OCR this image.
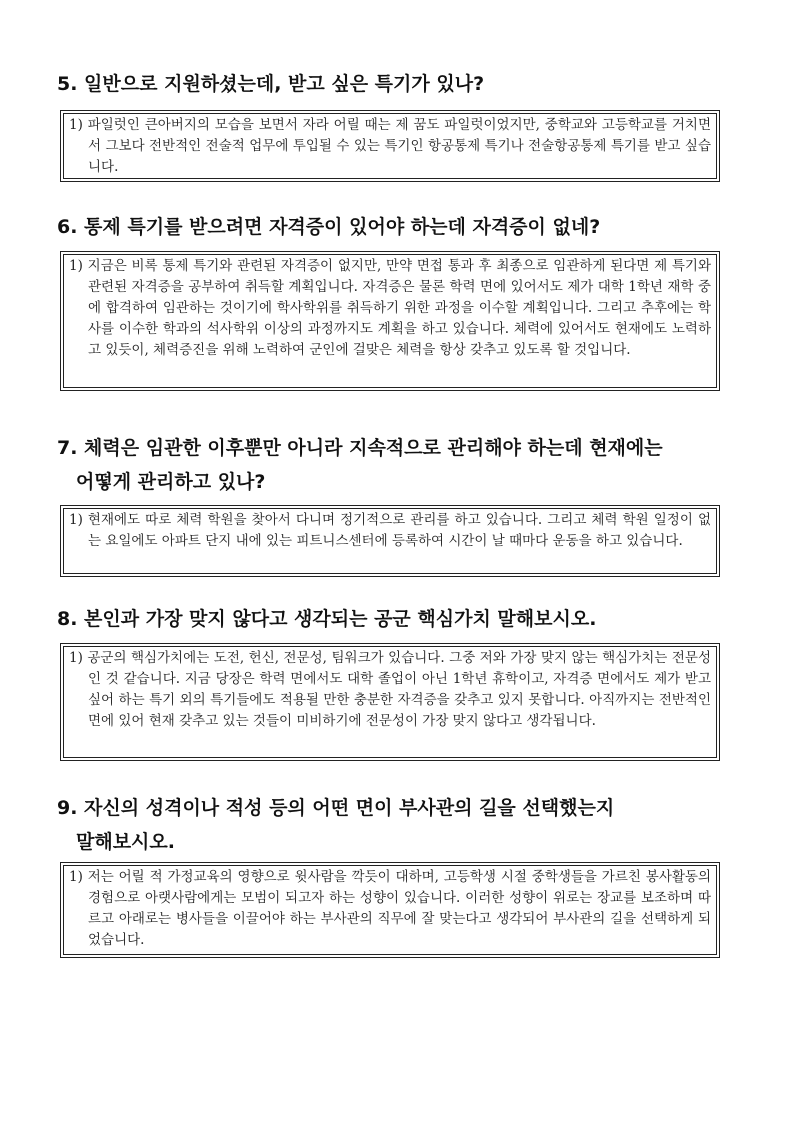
5. 일반으로 지원하셨는데, 받고 싶은 특기가 있나?
1) 파일럿인 큰아버지의 모습을 보면서 자라 어릴 때는 제 꿈도 파일럿이었지만, 중학교와 고등학교를 거치면서 그보다 전반적인 전술적 업무에 투입될 수 있는 특기인 항공통제 특기나 전술항공통제 특기를 받고 싶습니다.
6. 통제 특기를 받으려면 자격증이 있어야 하는데 자격증이 없네?
1) 지금은 비록 통제 특기와 관련된 자격증이 없지만, 만약 면접 통과 후 최종으로 임관하게 된다면 제 특기와 관련된 자격증을 공부하여 취득할 계획입니다. 자격증은 물론 학력 면에 있어서도 제가 대학 1학년 재학 중에 합격하여 임관하는 것이기에 학사학위를 취득하기 위한 과정을 이수할 계획입니다. 그리고 추후에는 학사를 이수한 학과의 석사학위 이상의 과정까지도 계획을 하고 있습니다. 체력에 있어서도 현재에도 노력하고 있듯이, 체력증진을 위해 노력하여 군인에 걸맞은 체력을 항상 갖추고 있도록 할 것입니다.
7. 체력은 임관한 이후뿐만 아니라 지속적으로 관리해야 하는데 현재에는
어떻게 관리하고 있나?
1) 현재에도 따로 체력 학원을 찾아서 다니며 정기적으로 관리를 하고 있습니다. 그리고 체력 학원 일정이 없는 요일에도 아파트 단지 내에 있는 피트니스센터에 등록하여 시간이 날 때마다 운동을 하고 있습니다.
8. 본인과 가장 맞지 않다고 생각되는 공군 핵심가치 말해보시오.
1) 공군의 핵심가치에는 도전, 헌신, 전문성, 팀워크가 있습니다. 그중 저와 가장 맞지 않는 핵심가치는 전문성인 것 같습니다. 지금 당장은 학력 면에서도 대학 졸업이 아닌 1학년 휴학이고, 자격증 면에서도 제가 받고 싶어 하는 특기 외의 특기들에도 적용될 만한 충분한 자격증을 갖추고 있지 못합니다. 아직까지는 전반적인 면에 있어 현재 갖추고 있는 것들이 미비하기에 전문성이 가장 맞지 않다고 생각됩니다.
9. 자신의 성격이나 적성 등의 어떤 면이 부사관의 길을 선택했는지
말해보시오.
1) 저는 어릴 적 가정교육의 영향으로 윗사람을 깍듯이 대하며, 고등학생 시절 중학생들을 가르친 봉사활동의 경험으로 아랫사람에게는 모범이 되고자 하는 성향이 있습니다. 이러한 성향이 위로는 장교를 보조하며 따르고 아래로는 병사들을 이끌어야 하는 부사관의 직무에 잘 맞는다고 생각되어 부사관의 길을 선택하게 되었습니다.
